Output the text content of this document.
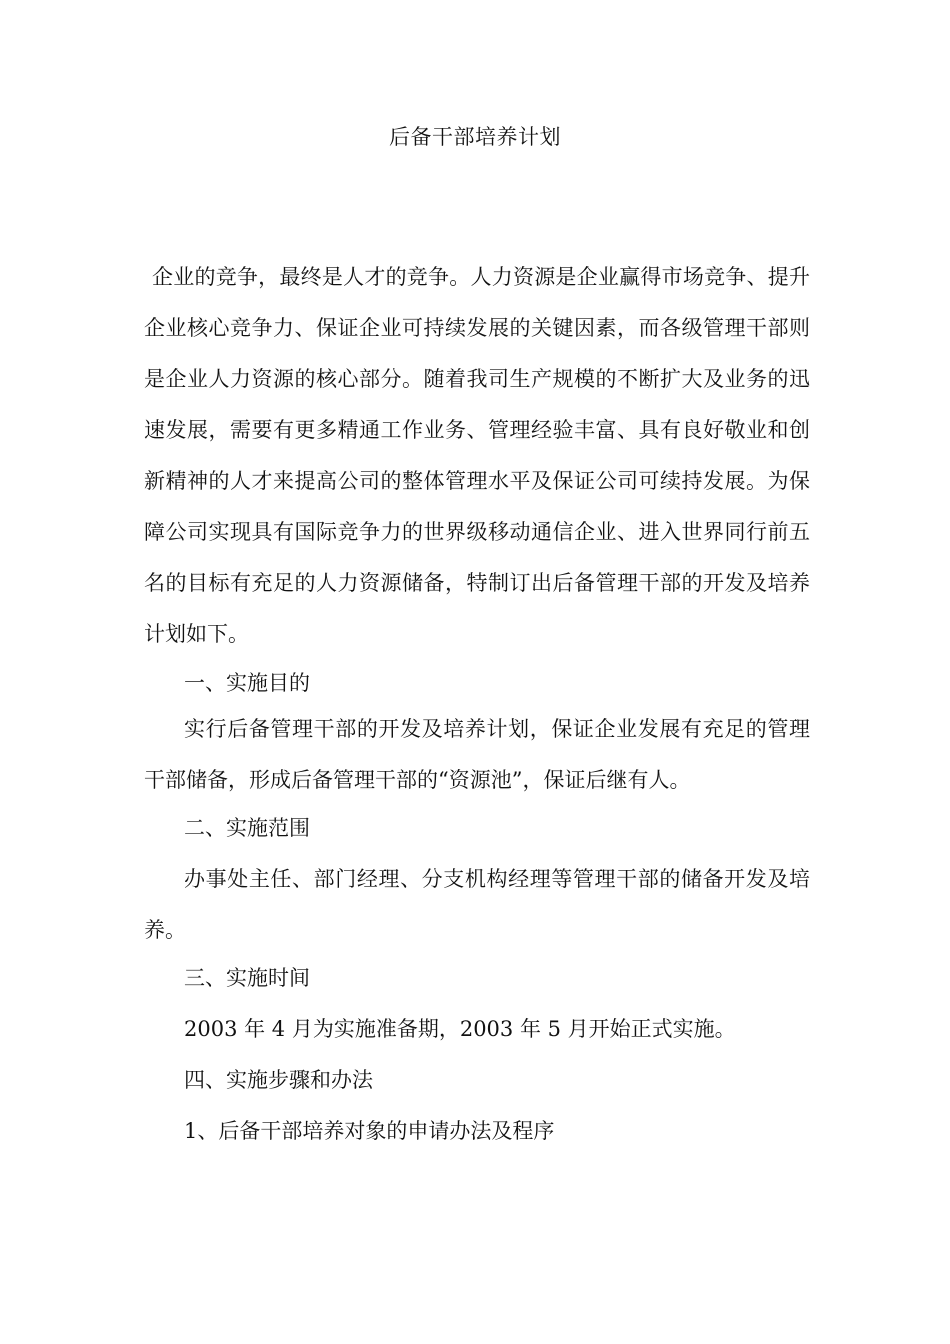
后备干部培养计划

企业的竞争，最终是人才的竞争。人力资源是企业赢得市场竞争、提升企业核心竞争力、保证企业可持续发展的关键因素，而各级管理干部则是企业人力资源的核心部分。随着我司生产规模的不断扩大及业务的迅速发展，需要有更多精通工作业务、管理经验丰富、具有良好敬业和创新精神的人才来提高公司的整体管理水平及保证公司可续持发展。为保障公司实现具有国际竞争力的世界级移动通信企业、进入世界同行前五名的目标有充足的人力资源储备，特制订出后备管理干部的开发及培养计划如下。

一、实施目的

实行后备管理干部的开发及培养计划，保证企业发展有充足的管理干部储备，形成后备管理干部的“资源池”，保证后继有人。

二、实施范围

办事处主任、部门经理、分支机构经理等管理干部的储备开发及培养。

三、实施时间

2003 年 4 月为实施准备期，2003 年 5 月开始正式实施。

四、实施步骤和办法

1、后备干部培养对象的申请办法及程序
